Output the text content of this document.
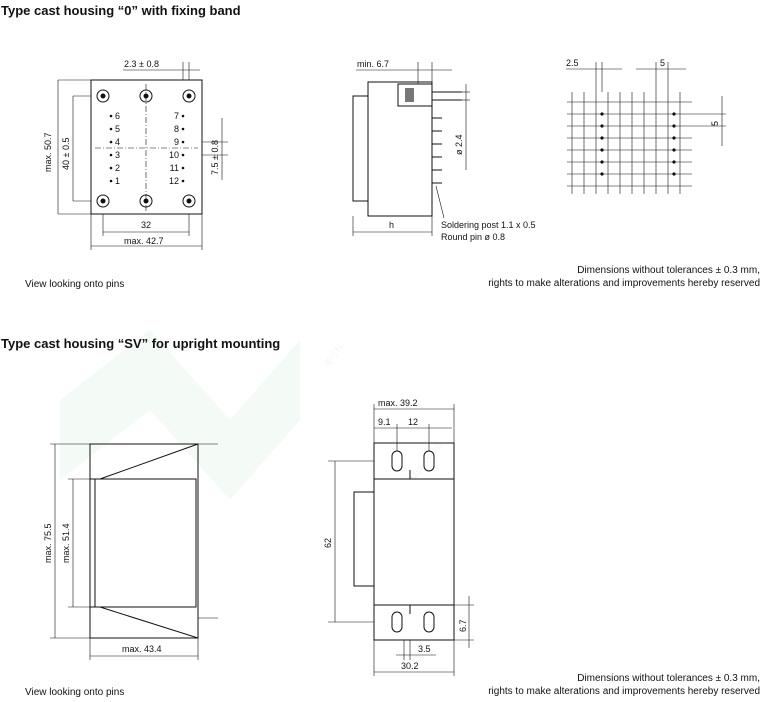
麦可科
Mycoltech
Type cast housing “0” with fixing band
Type cast housing “SV” for upright mounting
6
5
4
3
2
1
7
8
9
10
11
12
2.3 ± 0.8
max. 50.7 40 ± 0.5	7.5 ± 0.8
32
max. 42.7
min. 6.7
ø 2.4
h	Soldering post 1.1 x 0.5
Round pin ø 0.8
2.5	5
5
max. 75.5 max. 51.4
max. 43.4
max. 39.2
9.1 12
62
6.7
3.5
30.2
View looking onto pins
View looking onto pins
Dimensions without tolerances ± 0.3 mm,
rights to make alterations and improvements hereby reserved
Dimensions without tolerances ± 0.3 mm,
rights to make alterations and improvements hereby reserved
